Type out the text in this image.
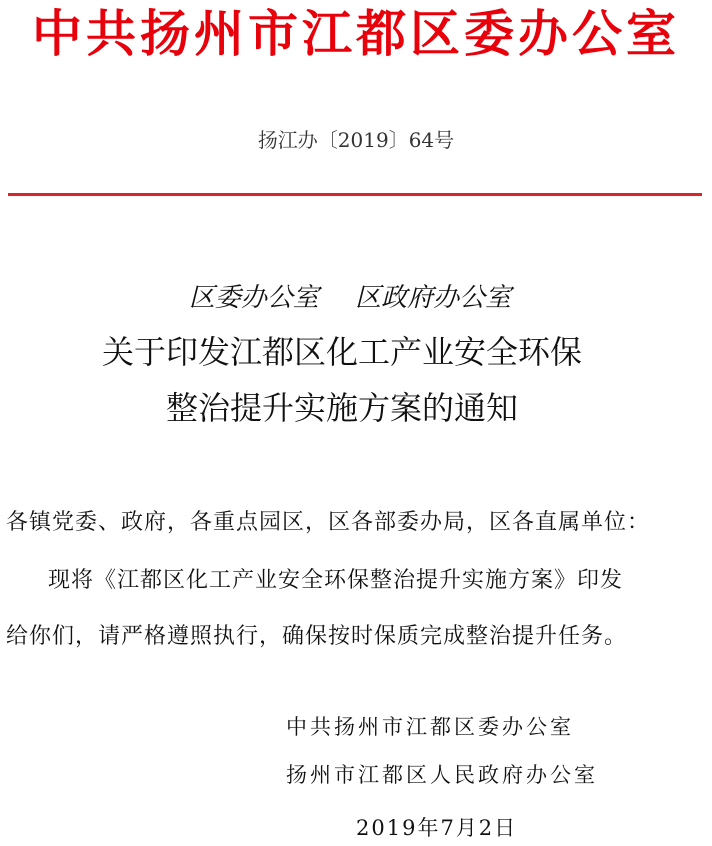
中共扬州市江都区委办公室
扬江办〔2019〕64号
区委办公室 区政府办公室
关于印发江都区化工产业安全环保
整治提升实施方案的通知
各镇党委、政府，各重点园区，区各部委办局，区各直属单位：
现将《江都区化工产业安全环保整治提升实施方案》印发
给你们，请严格遵照执行，确保按时保质完成整治提升任务。
中共扬州市江都区委办公室
扬州市江都区人民政府办公室
2019年7月2日
